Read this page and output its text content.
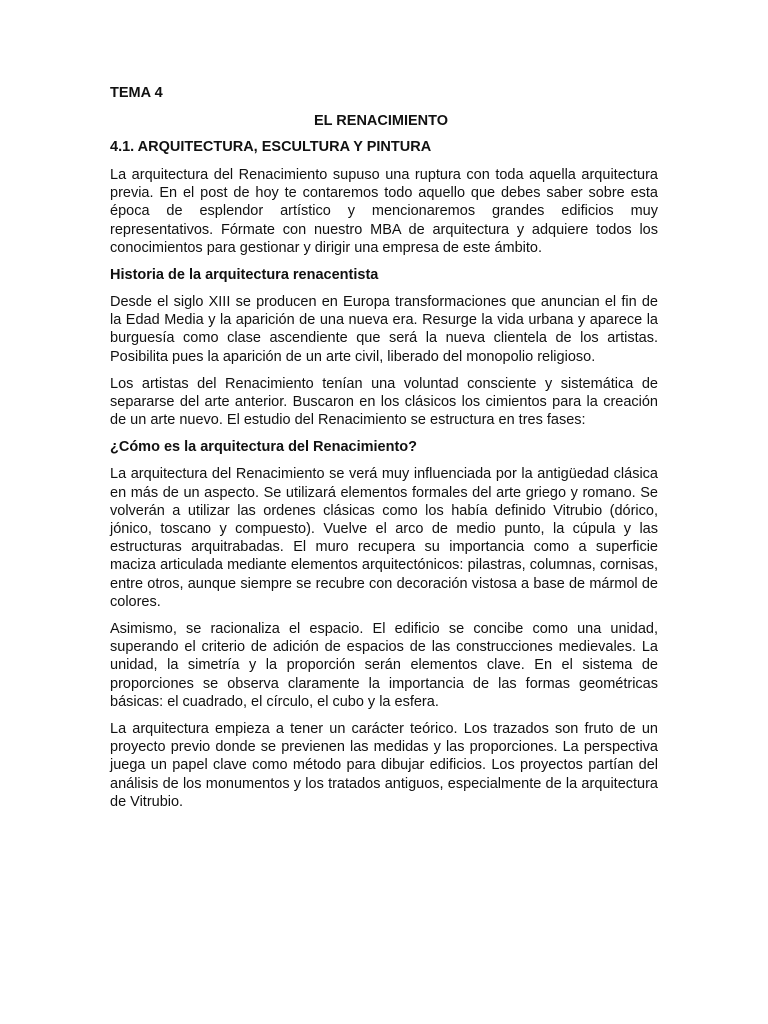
TEMA 4
EL RENACIMIENTO
4.1. ARQUITECTURA, ESCULTURA Y PINTURA

La arquitectura del Renacimiento supuso una ruptura con toda aquella arquitectura previa. En el post de hoy te contaremos todo aquello que debes saber sobre esta época de esplendor artístico y mencionaremos grandes edificios muy representativos. Fórmate con nuestro MBA de arquitectura y adquiere todos los conocimientos para gestionar y dirigir una empresa de este ámbito.

Historia de la arquitectura renacentista

Desde el siglo XIII se producen en Europa transformaciones que anuncian el fin de la Edad Media y la aparición de una nueva era. Resurge la vida urbana y aparece la burguesía como clase ascendiente que será la nueva clientela de los artistas. Posibilita pues la aparición de un arte civil, liberado del monopolio religioso.

Los artistas del Renacimiento tenían una voluntad consciente y sistemática de separarse del arte anterior. Buscaron en los clásicos los cimientos para la creación de un arte nuevo. El estudio del Renacimiento se estructura en tres fases:

¿Cómo es la arquitectura del Renacimiento?

La arquitectura del Renacimiento se verá muy influenciada por la antigüedad clásica en más de un aspecto. Se utilizará elementos formales del arte griego y romano. Se volverán a utilizar las ordenes clásicas como los había definido Vitrubio (dórico, jónico, toscano y compuesto). Vuelve el arco de medio punto, la cúpula y las estructuras arquitrabadas. El muro recupera su importancia como a superficie maciza articulada mediante elementos arquitectónicos: pilastras, columnas, cornisas, entre otros, aunque siempre se recubre con decoración vistosa a base de mármol de colores.

Asimismo, se racionaliza el espacio. El edificio se concibe como una unidad, superando el criterio de adición de espacios de las construcciones medievales. La unidad, la simetría y la proporción serán elementos clave. En el sistema de proporciones se observa claramente la importancia de las formas geométricas básicas: el cuadrado, el círculo, el cubo y la esfera.

La arquitectura empieza a tener un carácter teórico. Los trazados son fruto de un proyecto previo donde se previenen las medidas y las proporciones. La perspectiva juega un papel clave como método para dibujar edificios. Los proyectos partían del análisis de los monumentos y los tratados antiguos, especialmente de la arquitectura de Vitrubio.
